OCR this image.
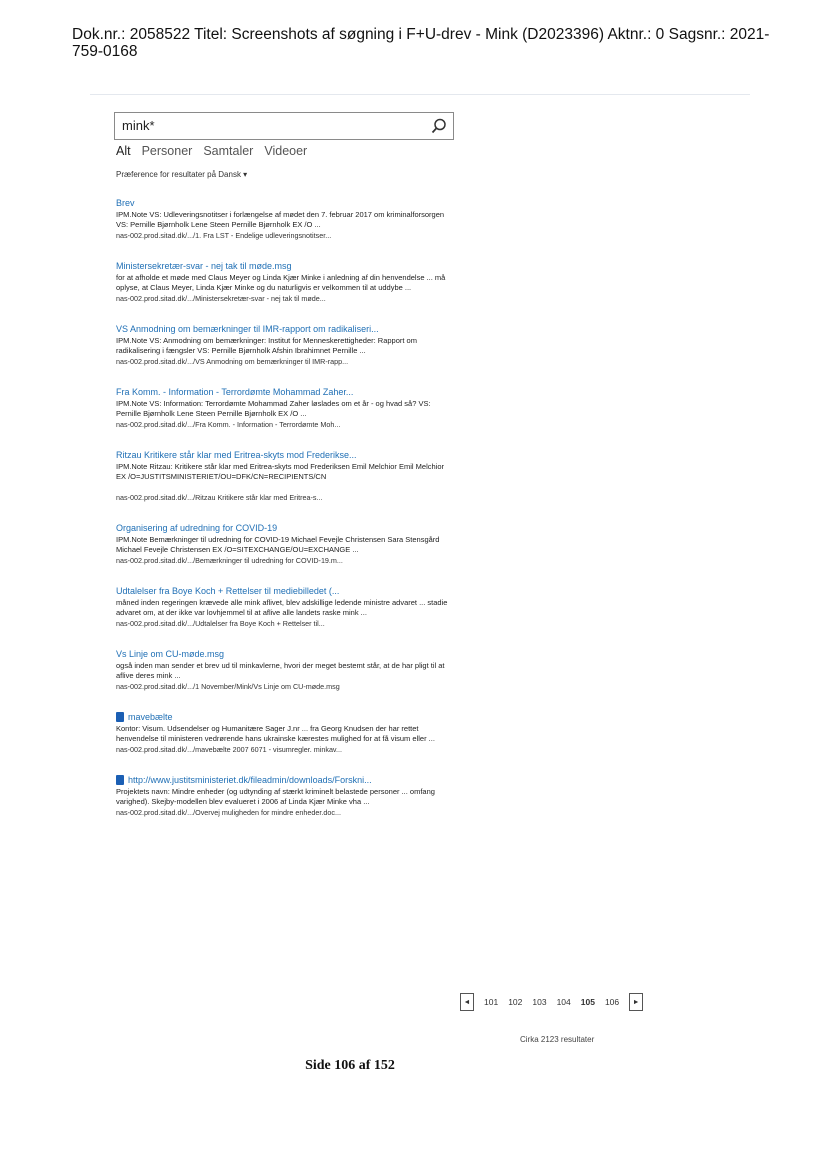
Dok.nr.: 2058522 Titel: Screenshots af søgning i F+U-drev - Mink (D2023396) Aktnr.: 0 Sagsnr.: 2021-759-0168
mink*
Alt Personer Samtaler Videoer
Præference for resultater på Dansk ▾
Brev
IPM.Note VS: Udleveringsnotitser i forlængelse af mødet den 7. februar 2017 om kriminalforsorgen VS: Pernille Bjørnholk Lene Steen Pernille Bjørnholk EX /O ...
nas-002.prod.sitad.dk/.../1. Fra LST - Endelige udleveringsnotitser...
Ministersekretær-svar - nej tak til møde.msg
for at afholde et møde med Claus Meyer og Linda Kjær Minke i anledning af din henvendelse ... må oplyse, at Claus Meyer, Linda Kjær Minke og du naturligvis er velkommen til at uddybe ...
nas-002.prod.sitad.dk/.../Ministersekretær-svar - nej tak til møde...
VS Anmodning om bemærkninger til IMR-rapport om radikaliseri...
IPM.Note VS: Anmodning om bemærkninger: Institut for Menneskerettigheder: Rapport om radikalisering i fængsler VS: Pernille Bjørnholk Afshin Ibrahimnet Pernille ...
nas-002.prod.sitad.dk/.../VS Anmodning om bemærkninger til IMR-rapp...
Fra Komm. - Information - Terrordømte Mohammad Zaher...
IPM.Note VS: Information: Terrordømte Mohammad Zaher løslades om et år - og hvad så? VS: Pernille Bjørnholk Lene Steen Pernille Bjørnholk EX /O ...
nas-002.prod.sitad.dk/.../Fra Komm. - Information - Terrordømte Moh...
Ritzau Kritikere står klar med Eritrea-skyts mod Frederikse...
IPM.Note Ritzau: Kritikere står klar med Eritrea-skyts mod Frederiksen Emil Melchior Emil Melchior EX /O=JUSTITSMINISTERIET/OU=DFK/CN=RECIPIENTS/CN
nas-002.prod.sitad.dk/.../Ritzau Kritikere står klar med Eritrea-s...
Organisering af udredning for COVID-19
IPM.Note Bemærkninger til udredning for COVID-19 Michael Fevejle Christensen Sara Stensgård Michael Fevejle Christensen EX /O=SITEXCHANGE/OU=EXCHANGE ...
nas-002.prod.sitad.dk/.../Bemærkninger til udredning for COVID-19.m...
Udtalelser fra Boye Koch + Rettelser til mediebilledet (...
måned inden regeringen krævede alle mink aflivet, blev adskillige ledende ministre advaret ... stadie advaret om, at der ikke var lovhjemmel til at aflive alle landets raske mink ...
nas-002.prod.sitad.dk/.../Udtalelser fra Boye Koch + Rettelser til...
Vs Linje om CU-møde.msg
også inden man sender et brev ud til minkavlerne, hvori der meget bestemt står, at de har pligt til at aflive deres mink ...
nas-002.prod.sitad.dk/.../1 November/Mink/Vs Linje om CU-møde.msg
mavebælte
Kontor: Visum. Udsendelser og Humanitære Sager J.nr ... fra Georg Knudsen der har rettet henvendelse til ministeren vedrørende hans ukrainske kærestes mulighed for at få visum eller ...
nas-002.prod.sitad.dk/.../mavebælte 2007 6071 - visumregler. minkav...
http://www.justitsministeriet.dk/fileadmin/downloads/Forskni...
Projektets navn: Mindre enheder (og udtynding af stærkt kriminelt belastede personer ... omfang varighed). Skejby-modellen blev evalueret i 2006 af Linda Kjær Minke vha ...
nas-002.prod.sitad.dk/.../Overvej muligheden for mindre enheder.doc...
◄	101 102 103 104 105 106	►
Cirka 2123 resultater
Side 106 af 152
